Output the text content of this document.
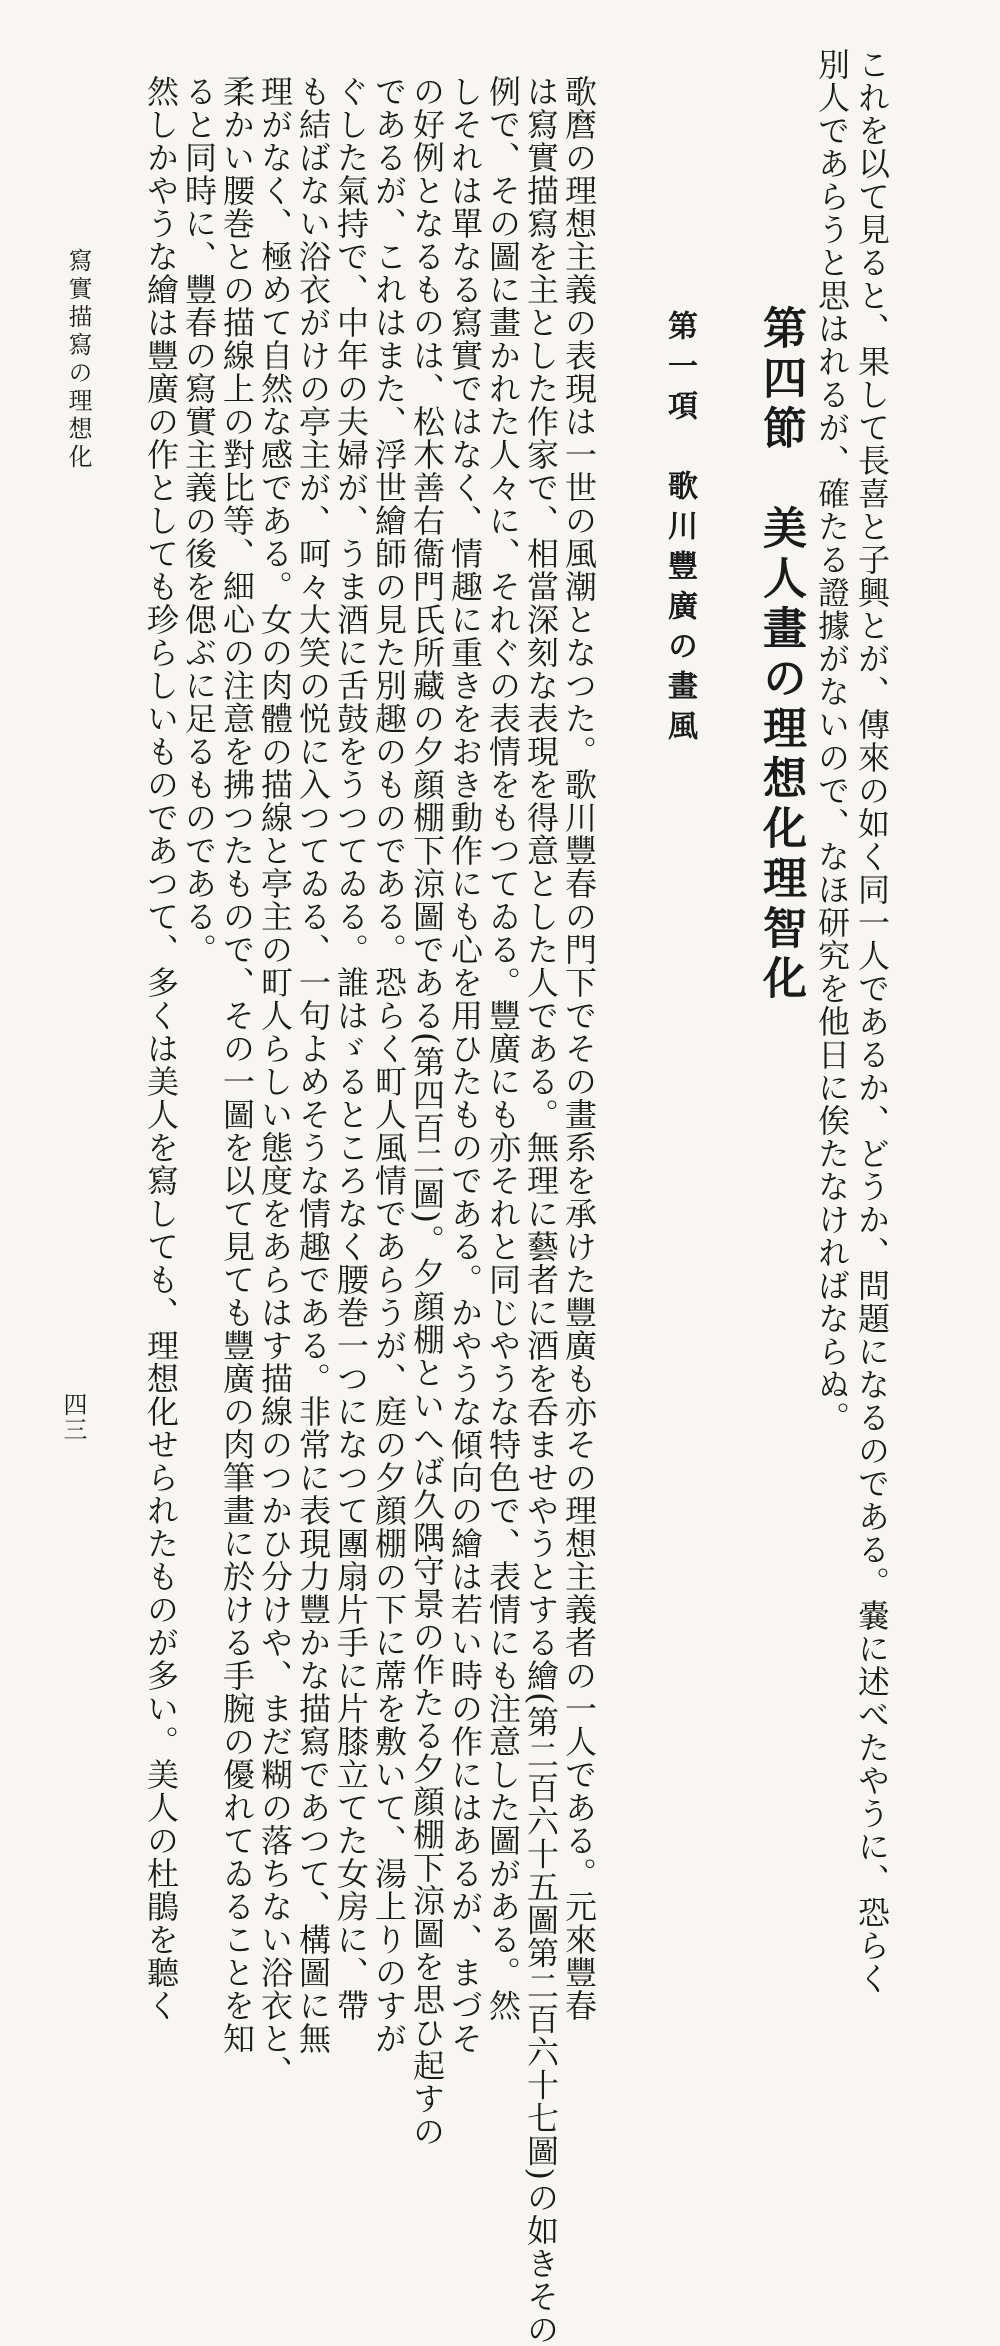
これを以て見ると、果して長喜と子興とが、傳來の如く同一人であるか、どうか、問題になるのである。嚢に述べたやうに、恐らく

別人であらうと思はれるが、確たる證據がないので、なほ研究を他日に俟たなければならぬ。

第四節　美人畫の理想化理智化
第一項　歌川豐廣の畫風

歌麿の理想主義の表現は一世の風潮となつた。歌川豐春の門下でその畫系を承けた豐廣も亦その理想主義者の一人である。元來豐春

は寫實描寫を主とした作家で、相當深刻な表現を得意とした人である。無理に藝者に酒を呑ませやうとする繪(第二百六十五圖第二百六十七圖)の如きその

例で、その圖に畫かれた人々に、それぐの表情をもつてゐる。豐廣にも亦それと同じやうな特色で、表情にも注意した圖がある。然

しそれは單なる寫實ではなく、情趣に重きをおき動作にも心を用ひたものである。かやうな傾向の繪は若い時の作にはあるが、まづそ

の好例となるものは、松木善右衞門氏所藏の夕顔棚下涼圖である(第四百二圖)。夕顔棚といへば久隅守景の作たる夕顔棚下涼圖を思ひ起すの

であるが、これはまた、浮世繪師の見た別趣のものである。恐らく町人風情であらうが、庭の夕顔棚の下に蓆を敷いて、湯上りのすが

ぐした氣持で、中年の夫婦が、うま酒に舌鼓をうつてゐる。誰はゞるところなく腰巻一つになつて團扇片手に片膝立てた女房に、帶

も結ばない浴衣がけの亭主が、呵々大笑の悦に入つてゐる、一句よめそうな情趣である。非常に表現力豐かな描寫であつて、構圖に無

理がなく、極めて自然な感である。女の肉體の描線と亭主の町人らしい態度をあらはす描線のつかひ分けや、まだ糊の落ちない浴衣と、

柔かい腰巻との描線上の對比等、細心の注意を拂つたもので、その一圖を以て見ても豐廣の肉筆畫に於ける手腕の優れてゐることを知

ると同時に、豐春の寫實主義の後を偲ぶに足るものである。

然しかやうな繪は豐廣の作としても珍らしいものであつて、多くは美人を寫しても、理想化せられたものが多い。美人の杜鵑を聽く

寫實描寫の理想化
四三
